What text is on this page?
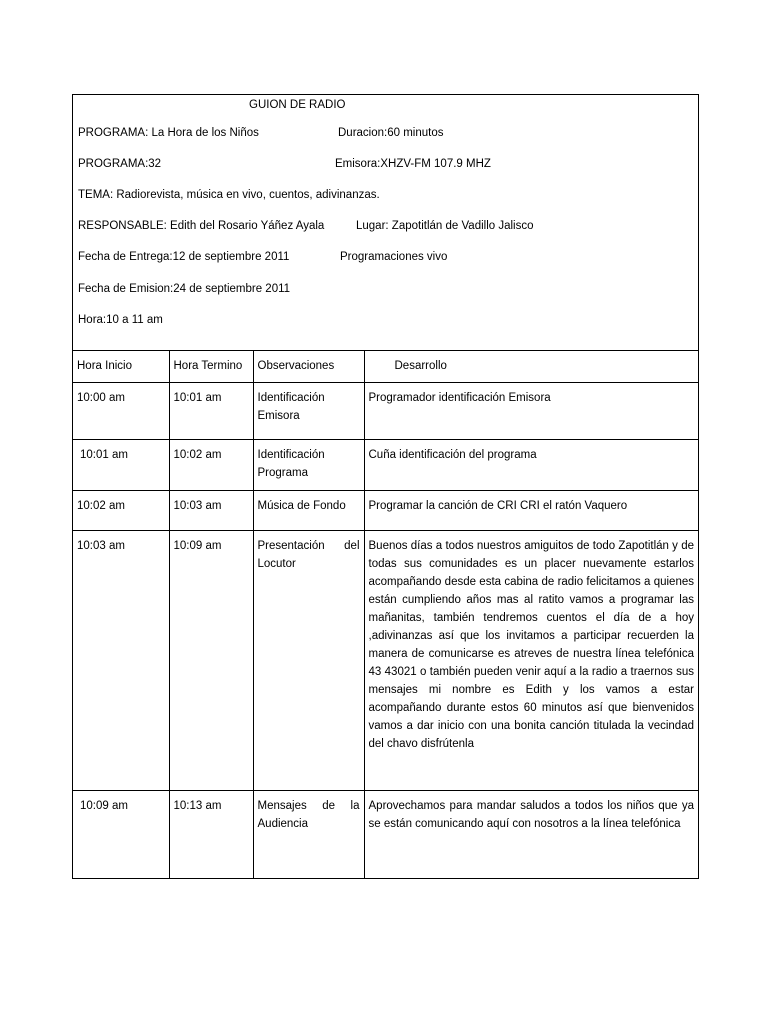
GUION DE RADIO
PROGRAMA: La Hora de los Niños	Duracion:60 minutos
PROGRAMA:32	Emisora:XHZV-FM 107.9 MHZ
TEMA: Radiorevista, música en vivo, cuentos, adivinanzas.
RESPONSABLE: Edith del Rosario Yáñez Ayala	Lugar: Zapotitlán de Vadillo Jalisco
Fecha de Entrega:12 de septiembre 2011	Programaciones vivo
Fecha de Emision:24 de septiembre 2011
Hora:10 a 11 am
Hora Inicio	Hora Termino	Observaciones	Desarrollo
10:00 am	10:01 am	Identificación Emisora	Programador identificación Emisora
10:01 am	10:02 am	Identificación Programa	Cuña identificación del programa
10:02 am	10:03 am	Música de Fondo	Programar la canción de CRI CRI el ratón Vaquero
10:03 am	10:09 am	Presentación del Locutor	Buenos días a todos nuestros amiguitos de todo Zapotitlán y de todas sus comunidades es un placer nuevamente estarlos acompañando desde esta cabina de radio felicitamos a quienes están cumpliendo años mas al ratito vamos a programar las mañanitas, también tendremos cuentos el día de a hoy ,adivinanzas así que los invitamos a participar recuerden la manera de comunicarse es atreves de nuestra línea telefónica 43 43021 o también pueden venir aquí a la radio a traernos sus mensajes mi nombre es Edith y los vamos a estar acompañando durante estos 60 minutos así que bienvenidos vamos a dar inicio con una bonita canción titulada la vecindad del chavo disfrútenla
10:09 am	10:13 am	Mensajes de la Audiencia	Aprovechamos para mandar saludos a todos los niños que ya se están comunicando aquí con nosotros a la línea telefónica
